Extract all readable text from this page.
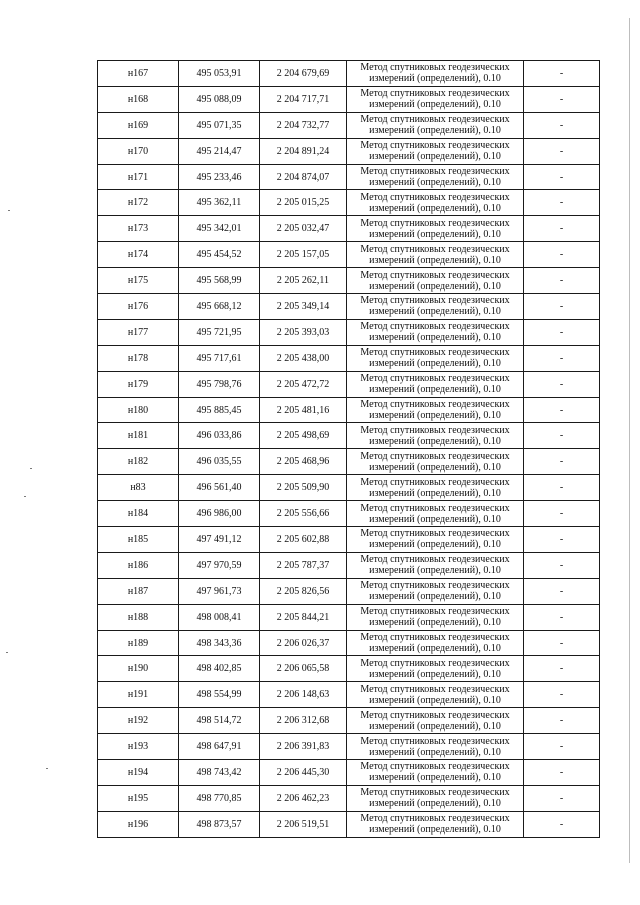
н167	495 053,91	2 204 679,69	Метод спутниковых геодезических
измерений (определений), 0.10	-
н168	495 088,09	2 204 717,71	Метод спутниковых геодезических
измерений (определений), 0.10	-
н169	495 071,35	2 204 732,77	Метод спутниковых геодезических
измерений (определений), 0.10	-
н170	495 214,47	2 204 891,24	Метод спутниковых геодезических
измерений (определений), 0.10	-
н171	495 233,46	2 204 874,07	Метод спутниковых геодезических
измерений (определений), 0.10	-
н172	495 362,11	2 205 015,25	Метод спутниковых геодезических
измерений (определений), 0.10	-
н173	495 342,01	2 205 032,47	Метод спутниковых геодезических
измерений (определений), 0.10	-
н174	495 454,52	2 205 157,05	Метод спутниковых геодезических
измерений (определений), 0.10	-
н175	495 568,99	2 205 262,11	Метод спутниковых геодезических
измерений (определений), 0.10	-
н176	495 668,12	2 205 349,14	Метод спутниковых геодезических
измерений (определений), 0.10	-
н177	495 721,95	2 205 393,03	Метод спутниковых геодезических
измерений (определений), 0.10	-
н178	495 717,61	2 205 438,00	Метод спутниковых геодезических
измерений (определений), 0.10	-
н179	495 798,76	2 205 472,72	Метод спутниковых геодезических
измерений (определений), 0.10	-
н180	495 885,45	2 205 481,16	Метод спутниковых геодезических
измерений (определений), 0.10	-
н181	496 033,86	2 205 498,69	Метод спутниковых геодезических
измерений (определений), 0.10	-
н182	496 035,55	2 205 468,96	Метод спутниковых геодезических
измерений (определений), 0.10	-
н83	496 561,40	2 205 509,90	Метод спутниковых геодезических
измерений (определений), 0.10	-
н184	496 986,00	2 205 556,66	Метод спутниковых геодезических
измерений (определений), 0.10	-
н185	497 491,12	2 205 602,88	Метод спутниковых геодезических
измерений (определений), 0.10	-
н186	497 970,59	2 205 787,37	Метод спутниковых геодезических
измерений (определений), 0.10	-
н187	497 961,73	2 205 826,56	Метод спутниковых геодезических
измерений (определений), 0.10	-
н188	498 008,41	2 205 844,21	Метод спутниковых геодезических
измерений (определений), 0.10	-
н189	498 343,36	2 206 026,37	Метод спутниковых геодезических
измерений (определений), 0.10	-
н190	498 402,85	2 206 065,58	Метод спутниковых геодезических
измерений (определений), 0.10	-
н191	498 554,99	2 206 148,63	Метод спутниковых геодезических
измерений (определений), 0.10	-
н192	498 514,72	2 206 312,68	Метод спутниковых геодезических
измерений (определений), 0.10	-
н193	498 647,91	2 206 391,83	Метод спутниковых геодезических
измерений (определений), 0.10	-
н194	498 743,42	2 206 445,30	Метод спутниковых геодезических
измерений (определений), 0.10	-
н195	498 770,85	2 206 462,23	Метод спутниковых геодезических
измерений (определений), 0.10	-
н196	498 873,57	2 206 519,51	Метод спутниковых геодезических
измерений (определений), 0.10	-
